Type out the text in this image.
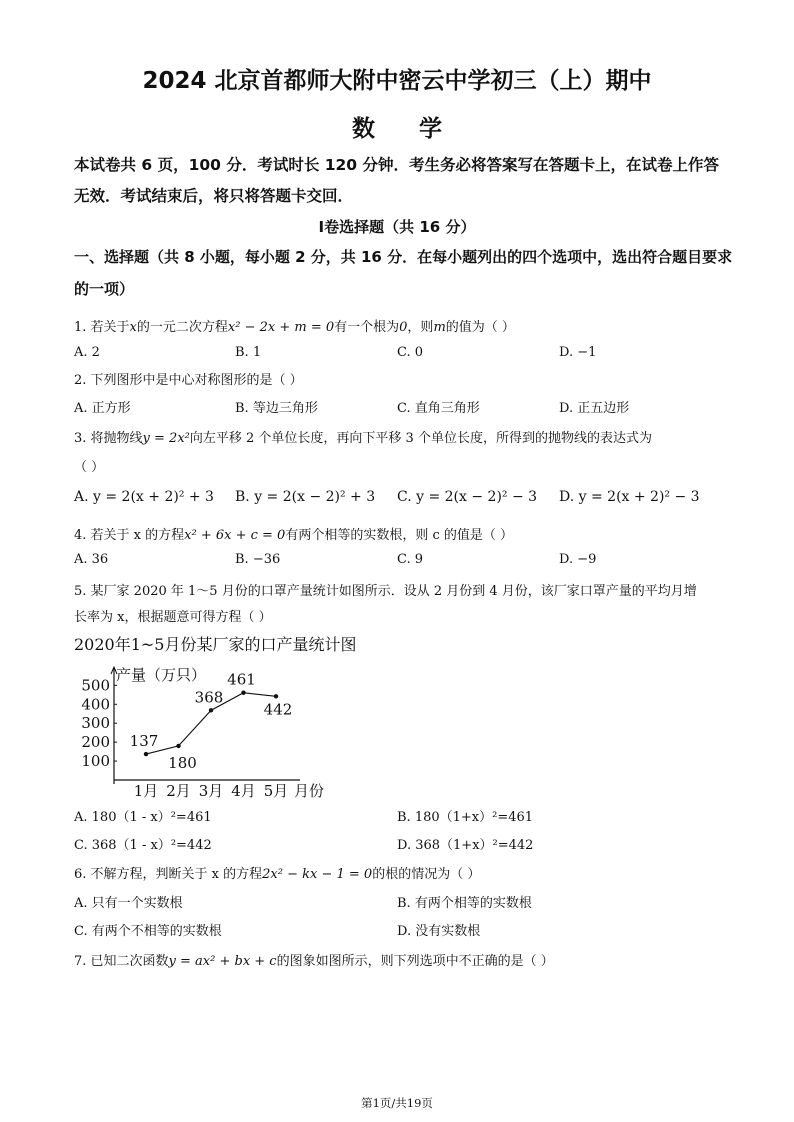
2024 北京首都师大附中密云中学初三（上）期中
数学
本试卷共 6 页，100 分．考试时长 120 分钟．考生务必将答案写在答题卡上，在试卷上作答无效．考试结束后，将只将答题卡交回．
Ⅰ卷选择题（共 16 分）
一、选择题（共 8 小题，每小题 2 分，共 16 分．在每小题列出的四个选项中，选出符合题目要求的一项）
1. 若关于x的一元二次方程x² − 2x + m = 0有一个根为0，则m的值为（ ）
A. 2	B. 1	C. 0	D. −1
2. 下列图形中是中心对称图形的是（ ）
A. 正方形	B. 等边三角形	C. 直角三角形	D. 正五边形
3. 将抛物线y = 2x²向左平移 2 个单位长度，再向下平移 3 个单位长度，所得到的抛物线的表达式为
（ ）
A. y = 2(x + 2)² + 3 B. y = 2(x − 2)² + 3 C. y = 2(x − 2)² − 3 D. y = 2(x + 2)² − 3
4. 若关于 x 的方程x² + 6x + c = 0有两个相等的实数根，则 c 的值是（ ）
A. 36	B. −36	C. 9	D. −9
5. 某厂家 2020 年 1～5 月份的口罩产量统计如图所示．设从 2 月份到 4 月份，该厂家口罩产量的平均月增
长率为 x，根据题意可得方程（ ）
2020年1~5月份某厂家的口产量统计图
产量（万只）
月份
100
200
300
400
500
1月 2月 3月 4月 5月
137
180
368
461
442
A. 180（1 - x）²=461	B. 180（1+x）²=461
C. 368（1 - x）²=442	D. 368（1+x）²=442
6. 不解方程，判断关于 x 的方程2x² − kx − 1 = 0的根的情况为（ ）
A. 只有一个实数根	B. 有两个相等的实数根
C. 有两个不相等的实数根	D. 没有实数根
7. 已知二次函数y = ax² + bx + c的图象如图所示，则下列选项中不正确的是（ ）
第1页/共19页
